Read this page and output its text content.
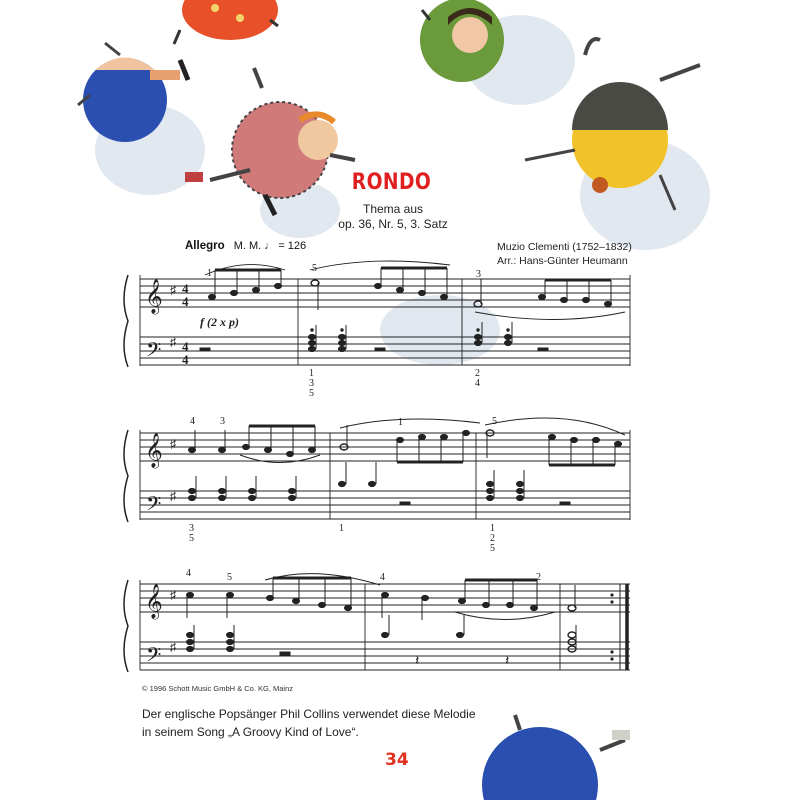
RONDO
Thema aus
op. 36, Nr. 5, 3. Satz
Allegro M. M. ♩ = 126	Muzio Clementi (1752–1832)
Arr.: Hans-Günter Heumann
𝄞
𝄢
♯
♯
4
4
4
4
1	5
3
1
3
5
2
4
f (2 x p)
𝄞
𝄢
♯
♯
4	3	1	5
3
5
1	1
2
5
𝄞
𝄢
♯
♯
𝄽	𝄽
4	5	4	2
© 1996 Schott Music GmbH & Co. KG, Mainz
Der englische Popsänger Phil Collins verwendet diese Melodie
in seinem Song „A Groovy Kind of Love“.
34
